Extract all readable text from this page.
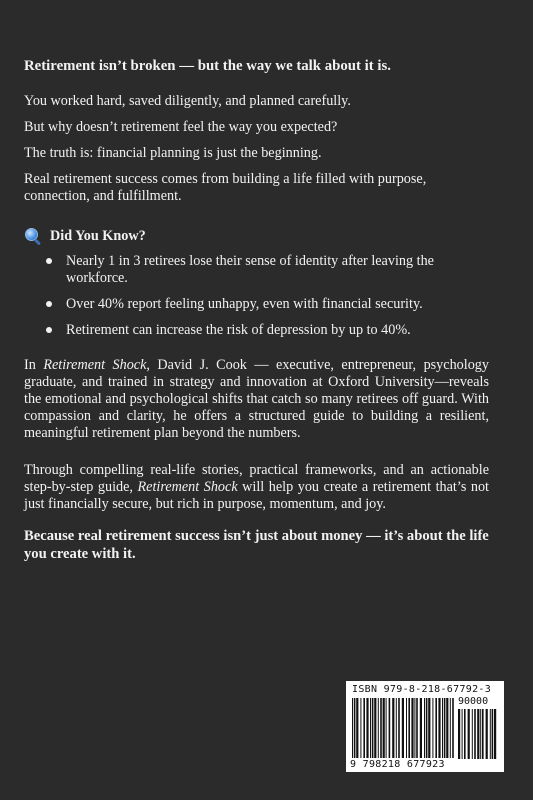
Retirement isn’t broken — but the way we talk about it is.

You worked hard, saved diligently, and planned carefully.

But why doesn’t retirement feel the way you expected?

The truth is: financial planning is just the beginning.

Real retirement success comes from building a life filled with purpose, connection, and fulfillment.

Did You Know?
Nearly 1 in 3 retirees lose their sense of identity after leaving the workforce.
Over 40% report feeling unhappy, even with financial security.
Retirement can increase the risk of depression by up to 40%.

In Retirement Shock, David J. Cook — executive, entrepreneur, psychology graduate, and trained in strategy and innovation at Oxford University—reveals the emotional and psychological shifts that catch so many retirees off guard. With compassion and clarity, he offers a structured guide to building a resilient, meaningful retirement plan beyond the numbers.

Through compelling real-life stories, practical frameworks, and an actionable step-by-step guide, Retirement Shock will help you create a retirement that’s not just financially secure, but rich in purpose, momentum, and joy.

Because real retirement success isn’t just about money — it’s about the life you create with it.

ISBN 979-8-218-67792-3
90000
9 798218 677923
